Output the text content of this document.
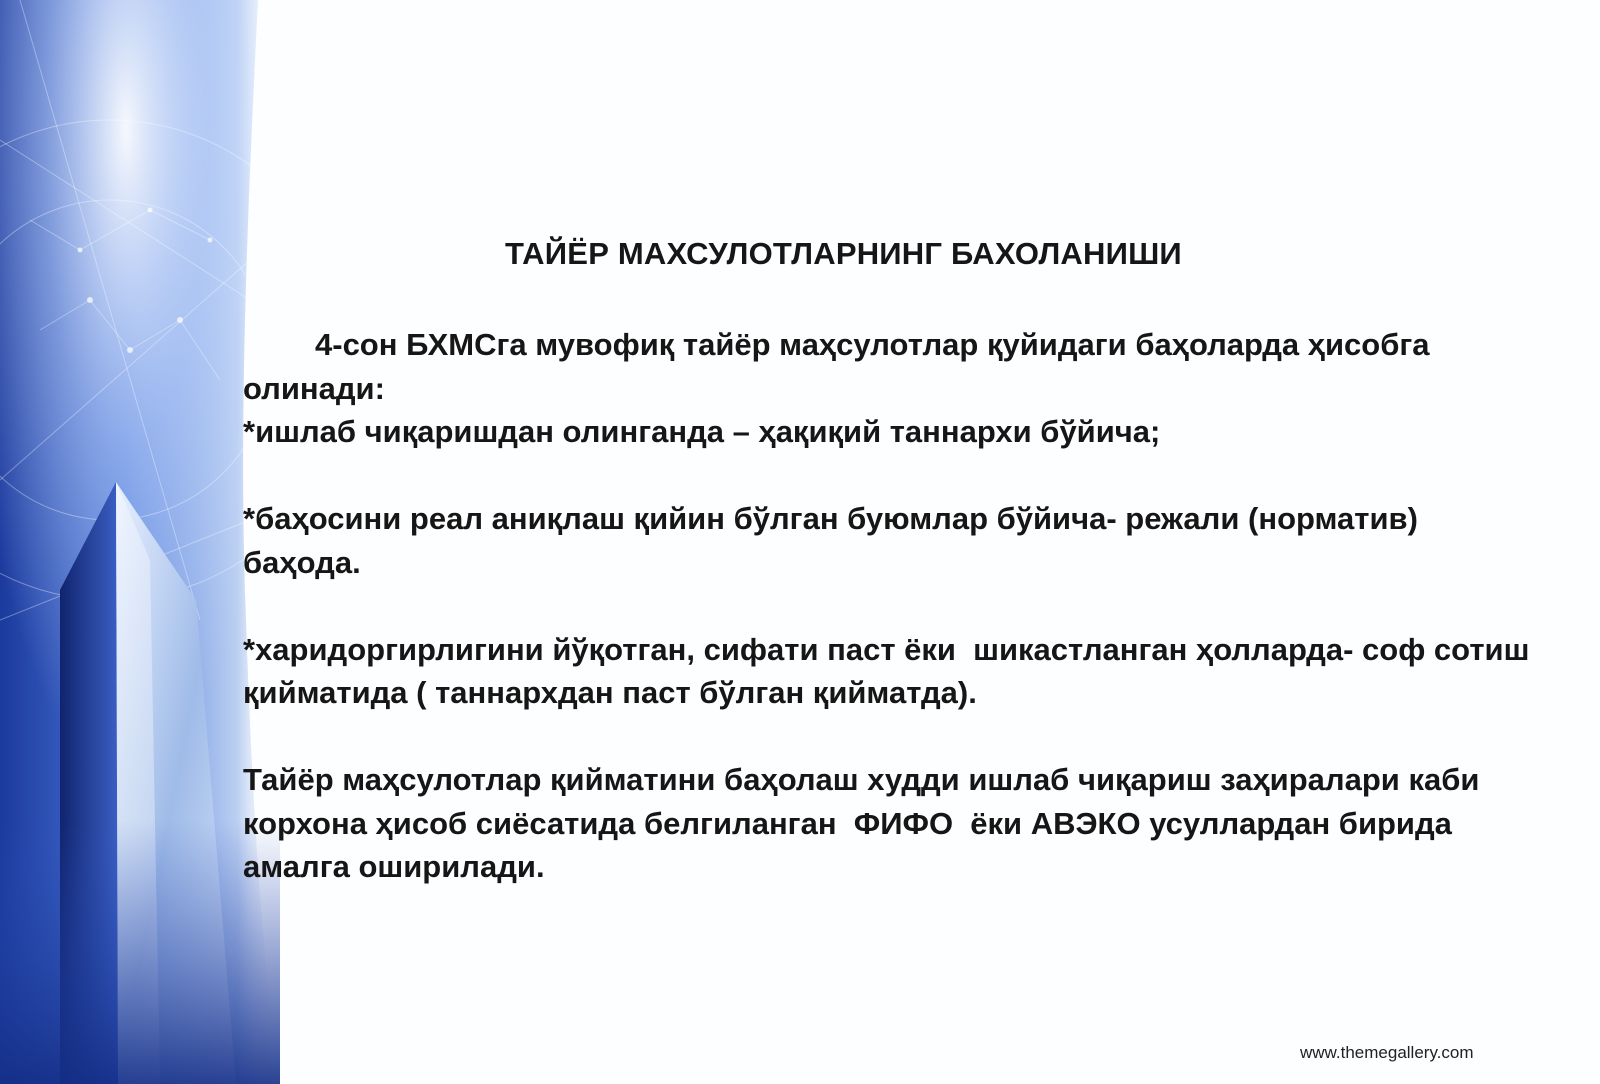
ТАЙЁР МАХСУЛОТЛАРНИНГ БАХОЛАНИШИ

4-сон БХМСга мувофиқ тайёр маҳсулотлар қуйидаги баҳоларда ҳисобга олинади:

*ишлаб чиқаришдан олинганда – ҳақиқий таннархи бўйича;

*баҳосини реал аниқлаш қийин бўлган буюмлар бўйича- режали (норматив) баҳода.

*харидоргирлигини йўқотган, сифати паст ёки  шикастланган ҳолларда- соф сотиш  қийматида ( таннархдан паст бўлган қийматда).

Тайёр маҳсулотлар қийматини баҳолаш худди ишлаб чиқариш заҳиралари каби корхона ҳисоб сиёсатида белгиланган  ФИФО  ёки АВЭКО усуллардан бирида амалга оширилади.

www.themegallery.com
